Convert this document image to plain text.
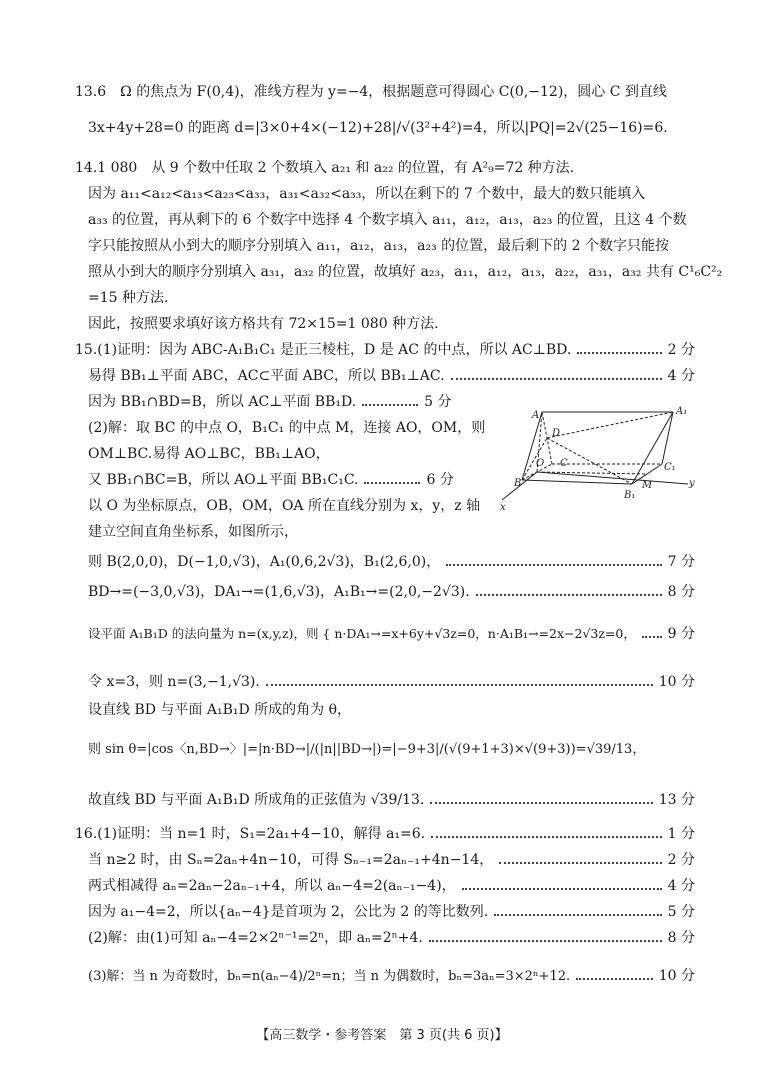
13.6　Ω 的焦点为 F(0,4)，准线方程为 y=−4，根据题意可得圆心 C(0,−12)，圆心 C 到直线
3x+4y+28=0 的距离 d=|3×0+4×(−12)+28|/√(3²+4²)=4，所以|PQ|=2√(25−16)=6.
14.1 080　从 9 个数中任取 2 个数填入 a₂₁ 和 a₂₂ 的位置，有 A²₉=72 种方法.
因为 a₁₁<a₁₂<a₁₃<a₂₃<a₃₃，a₃₁<a₃₂<a₃₃，所以在剩下的 7 个数中，最大的数只能填入
a₃₃ 的位置，再从剩下的 6 个数字中选择 4 个数字填入 a₁₁，a₁₂，a₁₃，a₂₃ 的位置，且这 4 个数
字只能按照从小到大的顺序分别填入 a₁₁，a₁₂，a₁₃，a₂₃ 的位置，最后剩下的 2 个数字只能按
照从小到大的顺序分别填入 a₃₁，a₃₂ 的位置，故填好 a₂₃，a₁₁，a₁₂，a₁₃，a₂₂，a₃₁，a₃₂ 共有 C¹₆C²₂
=15 种方法.
因此，按照要求填好该方格共有 72×15=1 080 种方法.
15.(1)证明：因为 ABC-A₁B₁C₁ 是正三棱柱，D 是 AC 的中点，所以 AC⊥BD.	2 分
易得 BB₁⊥平面 ABC，AC⊂平面 ABC，所以 BB₁⊥AC.	4 分
因为 BB₁∩BD=B，所以 AC⊥平面 BB₁D.	5 分
(2)解：取 BC 的中点 O，B₁C₁ 的中点 M，连接 AO，OM，则
OM⊥BC.易得 AO⊥BC，BB₁⊥AO，
又 BB₁∩BC=B，所以 AO⊥平面 BB₁C₁C.	6 分
以 O 为坐标原点，OB，OM，OA 所在直线分别为 x，y，z 轴
建立空间直角坐标系，如图所示，
则 B(2,0,0)，D(−1,0,√3)，A₁(0,6,2√3)，B₁(2,6,0)，	7 分
BD→=(−3,0,√3)，DA₁→=(1,6,√3)，A₁B₁→=(2,0,−2√3).	8 分
设平面 A₁B₁D 的法向量为 n=(x,y,z)，则 { n·DA₁→=x+6y+√3z=0，n·A₁B₁→=2x−2√3z=0， 9 分
令 x=3，则 n=(3,−1,√3).	10 分
设直线 BD 与平面 A₁B₁D 所成的角为 θ，
则 sin θ=|cos〈n,BD→〉|=|n·BD→|/(|n||BD→|)=|−9+3|/(√(9+1+3)×√(9+3))=√39/13，
故直线 BD 与平面 A₁B₁D 所成角的正弦值为 √39/13.	13 分
16.(1)证明：当 n=1 时，S₁=2a₁+4−10，解得 a₁=6.	1 分
当 n≥2 时，由 Sₙ=2aₙ+4n−10，可得 Sₙ₋₁=2aₙ₋₁+4n−14，	2 分
两式相减得 aₙ=2aₙ−2aₙ₋₁+4，所以 aₙ−4=2(aₙ₋₁−4)，	4 分
因为 a₁−4=2，所以{aₙ−4}是首项为 2，公比为 2 的等比数列.	5 分
(2)解：由(1)可知 aₙ−4=2×2ⁿ⁻¹=2ⁿ，即 aₙ=2ⁿ+4.	8 分
(3)解：当 n 为奇数时，bₙ=n(aₙ−4)/2ⁿ=n；当 n 为偶数时，bₙ=3aₙ=3×2ⁿ+12.	10 分
A	A₁
D
C	C₁
B
B₁
O
M	y
x
【高三数学・参考答案　第 3 页(共 6 页)】
